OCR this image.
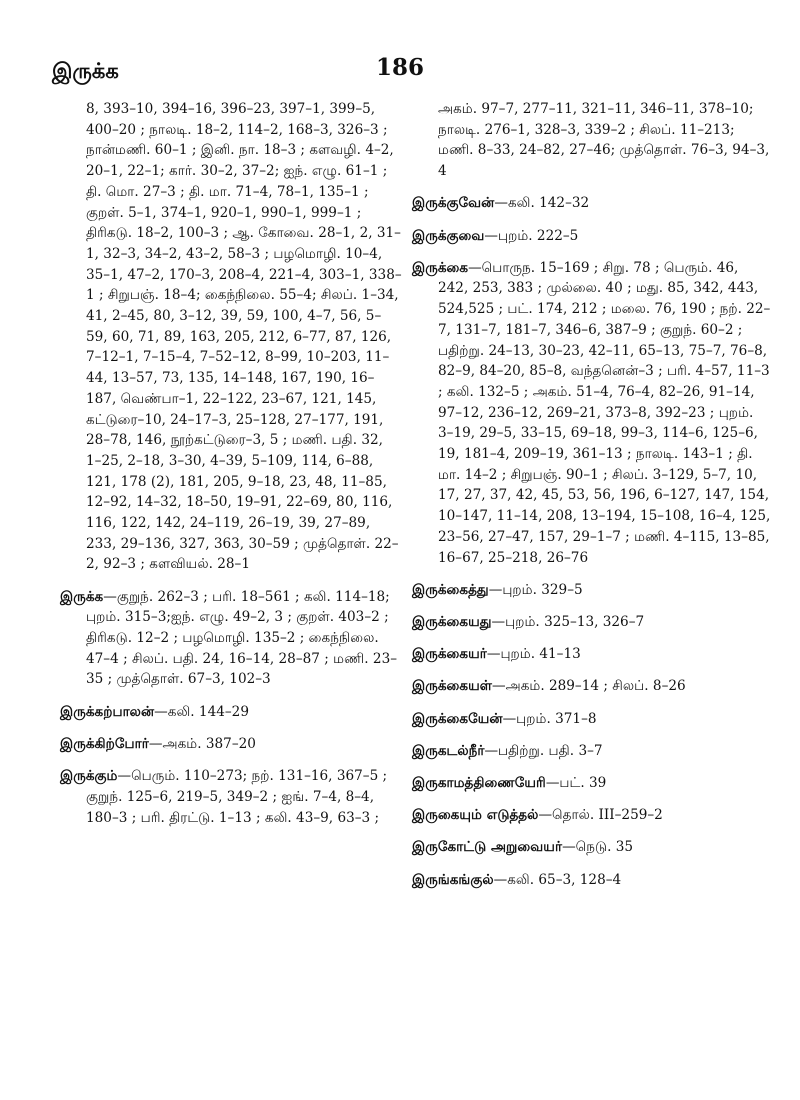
இருக்க	186

8, 393–10, 394–16, 396–23, 397–1, 399–5, 400–20 ; நாலடி. 18–2, 114–2, 168–3, 326–3 ; நான்மணி. 60–1 ; இனி. நா. 18–3 ; களவழி. 4–2, 20–1, 22–1; கார். 30–2, 37–2; ஐந். எழு. 61–1 ; தி. மொ. 27–3 ; தி. மா. 71–4, 78–1, 135–1 ; குறள். 5–1, 374–1, 920–1, 990–1, 999–1 ; திரிகடு. 18–2, 100–3 ; ஆ. கோவை. 28–1, 2, 31–1, 32–3, 34–2, 43–2, 58–3 ; பழமொழி. 10–4, 35–1, 47–2, 170–3, 208–4, 221–4, 303–1, 338–1 ; சிறுபஞ். 18–4; கைந்நிலை. 55–4; சிலப். 1–34, 41, 2–45, 80, 3–12, 39, 59, 100, 4–7, 56, 5–59, 60, 71, 89, 163, 205, 212, 6–77, 87, 126, 7–12–1, 7–15–4, 7–52–12, 8–99, 10–203, 11–44, 13–57, 73, 135, 14–148, 167, 190, 16–187, வெண்பா–1, 22–122, 23–67, 121, 145, கட்டுரை–10, 24–17–3, 25–128, 27–177, 191, 28–78, 146, நூற்கட்டுரை–3, 5 ; மணி. பதி. 32, 1–25, 2–18, 3–30, 4–39, 5–109, 114, 6–88, 121, 178 (2), 181, 205, 9–18, 23, 48, 11–85, 12–92, 14–32, 18–50, 19–91, 22–69, 80, 116, 116, 122, 142, 24–119, 26–19, 39, 27–89, 233, 29–136, 327, 363, 30–59 ; முத்தொள். 22–2, 92–3 ; களவியல். 28–1

இருக்க—குறுந். 262–3 ; பரி. 18–561 ; கலி. 114–18; புறம். 315–3;ஐந். எழு. 49–2, 3 ; குறள். 403–2 ; திரிகடு. 12–2 ; பழமொழி. 135–2 ; கைந்நிலை. 47–4 ; சிலப். பதி. 24, 16–14, 28–87 ; மணி. 23–35 ; முத்தொள். 67–3, 102–3

இருக்கற்பாலன்—கலி. 144–29

இருக்கிற்போர்—அகம். 387–20

இருக்கும்—பெரும். 110–273; நற். 131–16, 367–5 ; குறுந். 125–6, 219–5, 349–2 ; ஐங். 7–4, 8–4, 180–3 ; பரி. திரட்டு. 1–13 ; கலி. 43–9, 63–3 ;

அகம். 97–7, 277–11, 321–11, 346–11, 378–10; நாலடி. 276–1, 328–3, 339–2 ; சிலப். 11–213; மணி. 8–33, 24–82, 27–46; முத்தொள். 76–3, 94–3, 4

இருக்குவேன்—கலி. 142–32

இருக்குவை—புறம். 222–5

இருக்கை—பொருந. 15–169 ; சிறு. 78 ; பெரும். 46, 242, 253, 383 ; முல்லை. 40 ; மது. 85, 342, 443, 524,525 ; பட். 174, 212 ; மலை. 76, 190 ; நற். 22–7, 131–7, 181–7, 346–6, 387–9 ; குறுந். 60–2 ; பதிற்று. 24–13, 30–23, 42–11, 65–13, 75–7, 76–8, 82–9, 84–20, 85–8, வந்தனென்–3 ; பரி. 4–57, 11–3 ; கலி. 132–5 ; அகம். 51–4, 76–4, 82–26, 91–14, 97–12, 236–12, 269–21, 373–8, 392–23 ; புறம். 3–19, 29–5, 33–15, 69–18, 99–3, 114–6, 125–6, 19, 181–4, 209–19, 361–13 ; நாலடி. 143–1 ; தி. மா. 14–2 ; சிறுபஞ். 90–1 ; சிலப். 3–129, 5–7, 10, 17, 27, 37, 42, 45, 53, 56, 196, 6–127, 147, 154, 10–147, 11–14, 208, 13–194, 15–108, 16–4, 125, 23–56, 27–47, 157, 29–1–7 ; மணி. 4–115, 13–85, 16–67, 25–218, 26–76

இருக்கைத்து—புறம். 329–5

இருக்கையது—புறம். 325–13, 326–7

இருக்கையர்—புறம். 41–13

இருக்கையள்—அகம். 289–14 ; சிலப். 8–26

இருக்கையேன்—புறம். 371–8

இருகடல்நீர்—பதிற்று. பதி. 3–7

இருகாமத்திணையேரி—பட். 39

இருகையும் எடுத்தல்—தொல். III–259–2

இருகோட்டு அறுவையர்—நெடு. 35

இருங்கங்குல்—கலி. 65–3, 128–4
